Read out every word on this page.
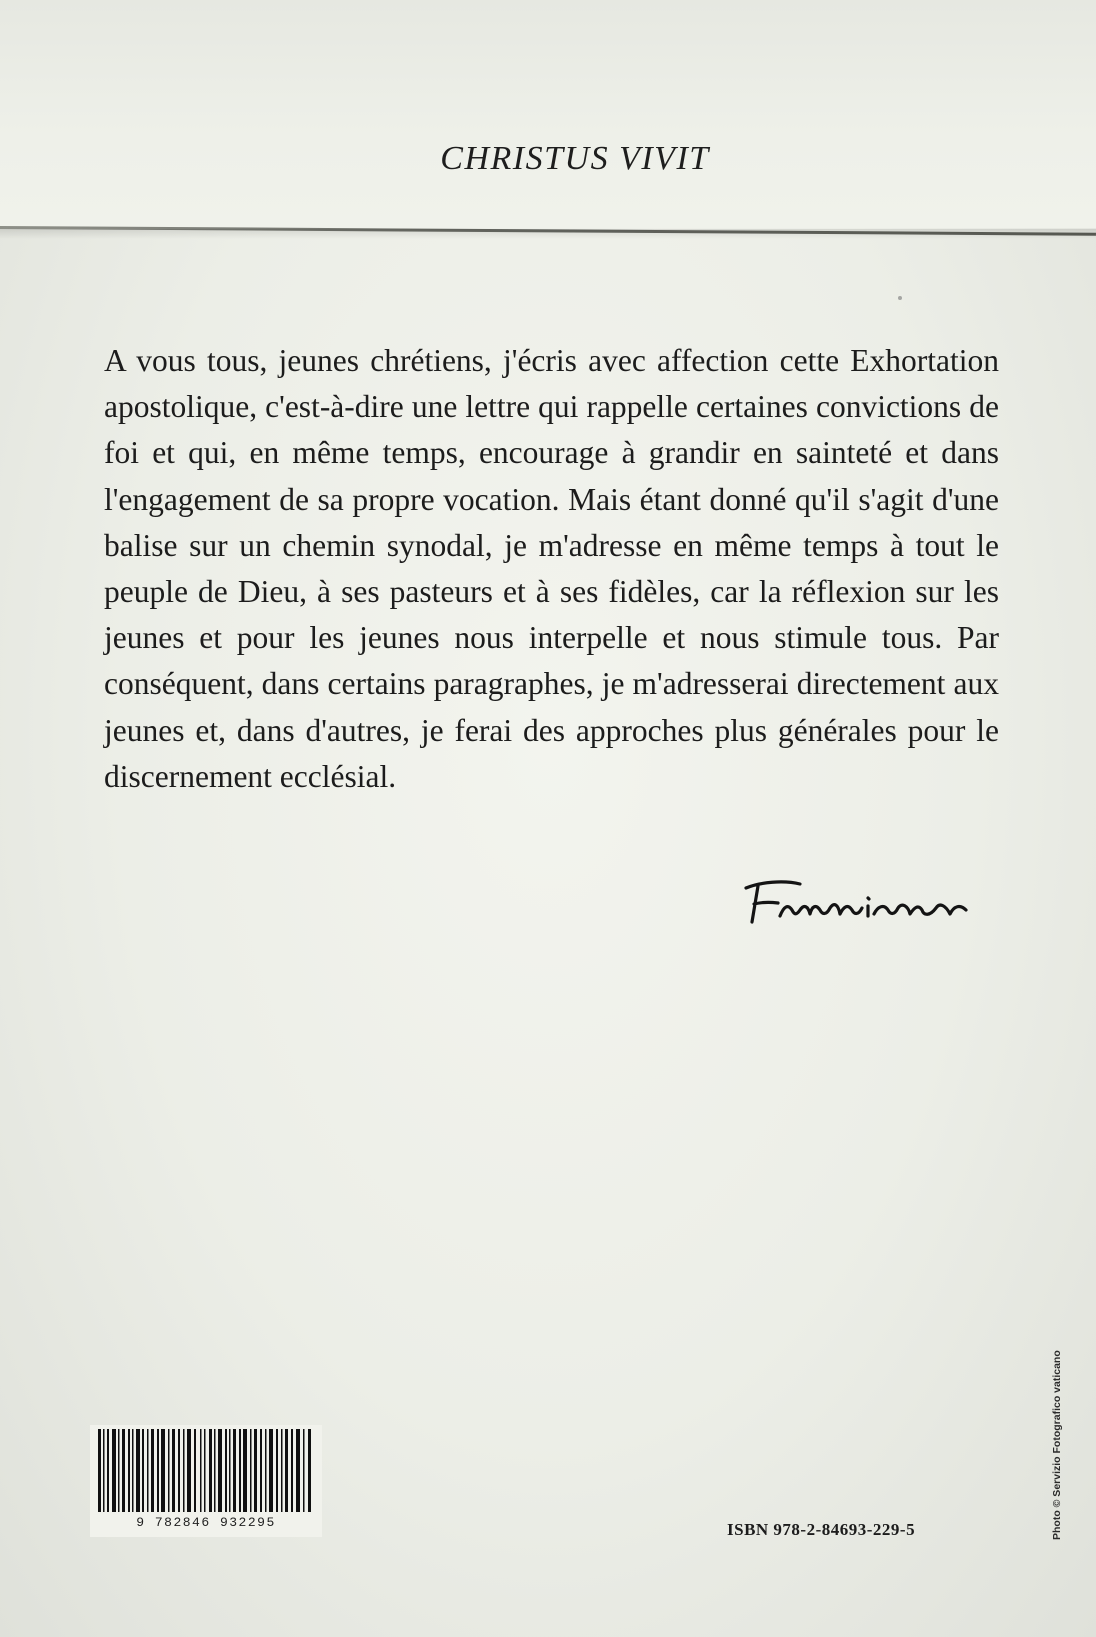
CHRISTUS VIVIT

A vous tous, jeunes chrétiens, j'écris avec affection cette Exhortation apostolique, c'est-à-dire une lettre qui rappelle certaines convictions de foi et qui, en même temps, encourage à grandir en sainteté et dans l'engagement de sa propre vocation. Mais étant donné qu'il s'agit d'une balise sur un chemin synodal, je m'adresse en même temps à tout le peuple de Dieu, à ses pasteurs et à ses fidèles, car la réflexion sur les jeunes et pour les jeunes nous interpelle et nous stimule tous. Par conséquent, dans certains paragraphes, je m'adresserai directement aux jeunes et, dans d'autres, je ferai des approches plus générales pour le discernement ecclésial.

9 782846 932295	ISBN 978-2-84693-229-5	Photo © Servizio Fotografico vaticano
